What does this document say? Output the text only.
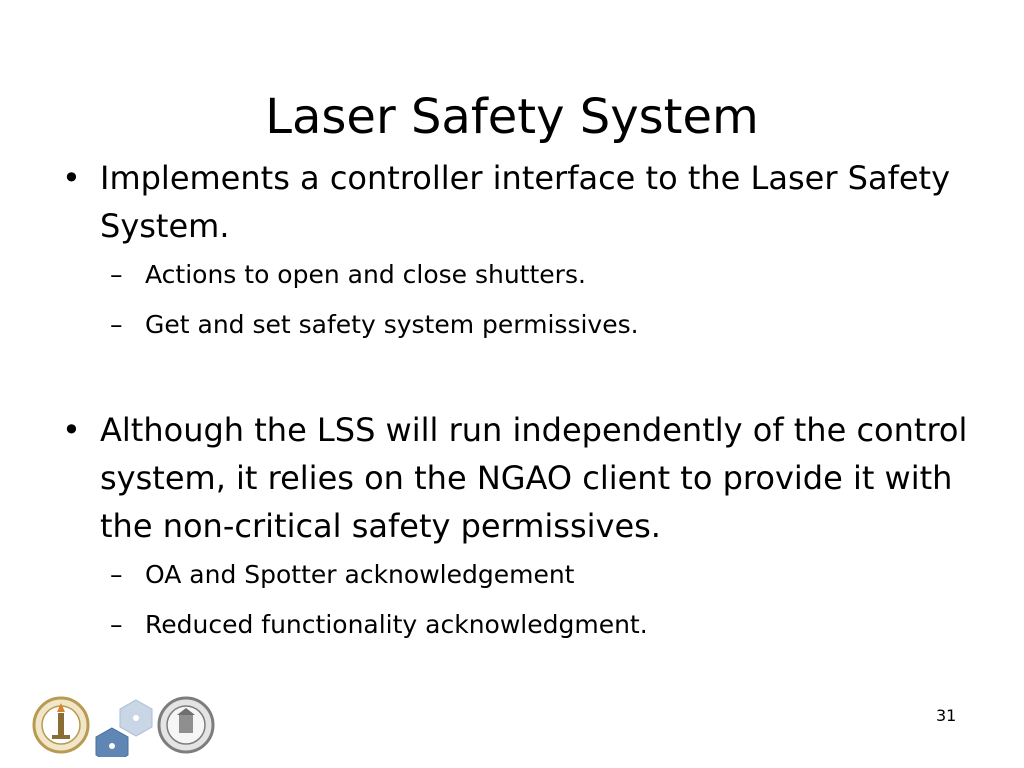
Laser Safety System
• Implements a controller interface to the Laser Safety System.
– Actions to open and close shutters.
– Get and set safety system permissives.
• Although the LSS will run independently of the control system, it relies on the NGAO client to provide it with the non-critical safety permissives.
– OA and Spotter acknowledgement
– Reduced functionality acknowledgment.
31
